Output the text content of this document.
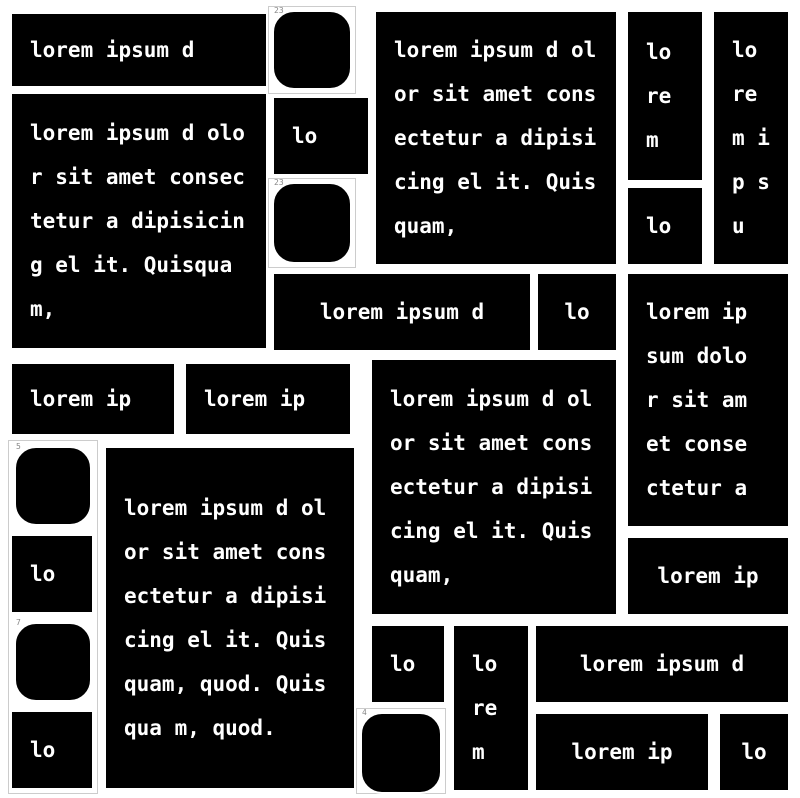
lorem ipsum d
lorem ipsum d olor sit amet consectetur a dipisicing el it. Quisquam,
23
lo
23
lorem ipsum d olor sit amet consectetur a dipisicing el it. Quisquam,
lo re m
lo
lo re m ip su
lorem ipsum d	lo	lorem ip sum dolo r sit am et conse ctetur a
lorem ip	lorem ip	lorem ipsum d olor sit amet consectetur a dipisicing el it. Quisquam,
5
lo
7
lo
lorem ipsum d olor sit amet consectetur a dipisicing el it. Quisquam, quod. Quisqua m, quod.
lorem ip
lo	lo re m
4
lorem ipsum d
lorem ip	lo
